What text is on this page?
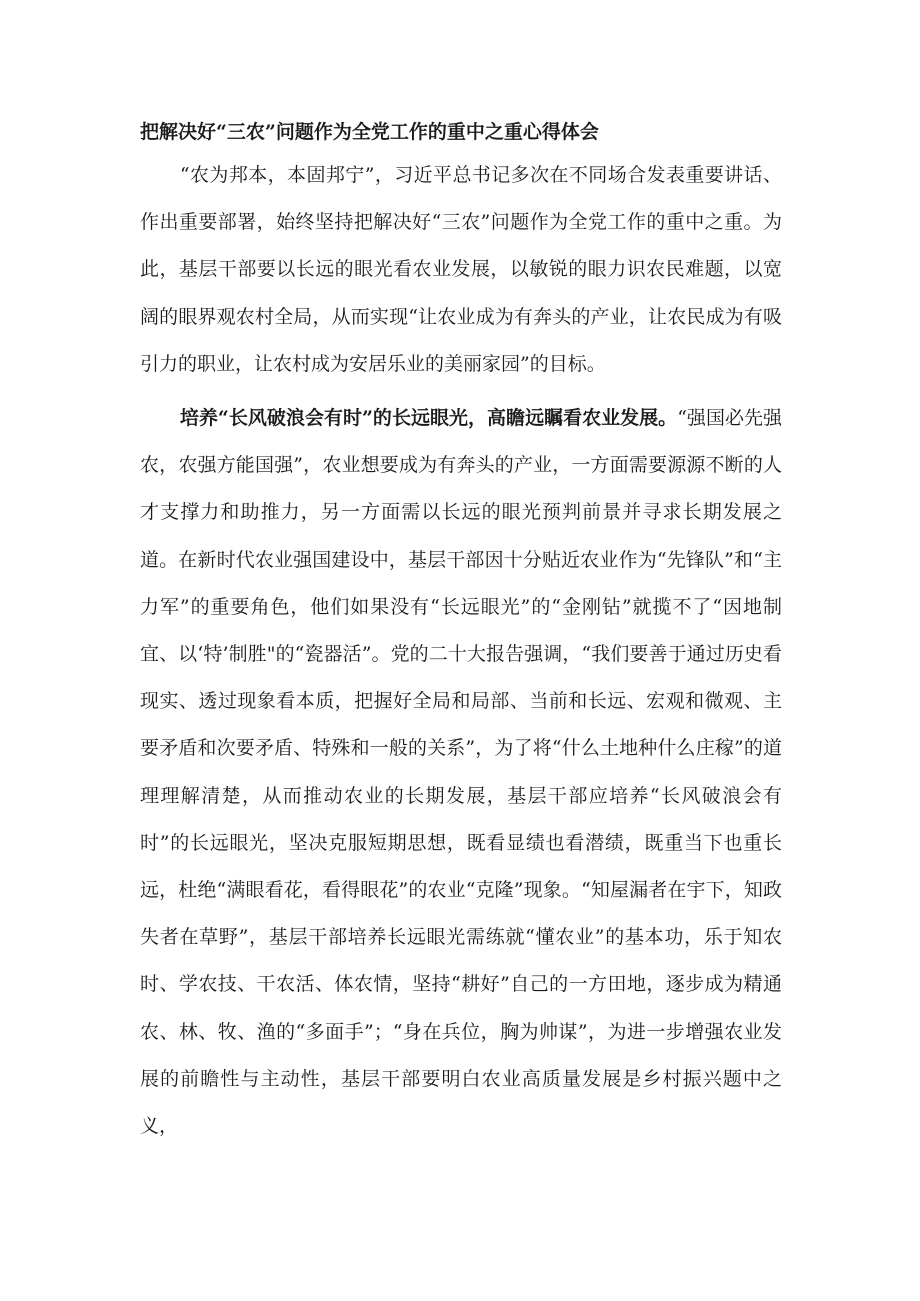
把解决好“三农”问题作为全党工作的重中之重心得体会
“农为邦本，本固邦宁”，习近平总书记多次在不同场合发表重要讲话、作出重要部署，始终坚持把解决好“三农”问题作为全党工作的重中之重。为此，基层干部要以长远的眼光看农业发展，以敏锐的眼力识农民难题，以宽阔的眼界观农村全局，从而实现“让农业成为有奔头的产业，让农民成为有吸引力的职业，让农村成为安居乐业的美丽家园”的目标。
培养“长风破浪会有时”的长远眼光，高瞻远瞩看农业发展。“强国必先强农，农强方能国强”，农业想要成为有奔头的产业，一方面需要源源不断的人才支撑力和助推力，另一方面需以长远的眼光预判前景并寻求长期发展之道。在新时代农业强国建设中，基层干部因十分贴近农业作为“先锋队”和“主力军”的重要角色，他们如果没有“长远眼光”的“金刚钻”就揽不了“因地制宜、以‘特’制胜"的“瓷器活”。党的二十大报告强调，“我们要善于通过历史看现实、透过现象看本质，把握好全局和局部、当前和长远、宏观和微观、主要矛盾和次要矛盾、特殊和一般的关系”，为了将“什么土地种什么庄稼”的道理理解清楚，从而推动农业的长期发展，基层干部应培养“长风破浪会有时”的长远眼光，坚决克服短期思想，既看显绩也看潜绩，既重当下也重长远，杜绝“满眼看花，看得眼花”的农业“克隆”现象。“知屋漏者在宇下，知政失者在草野”，基层干部培养长远眼光需练就“懂农业”的基本功，乐于知农时、学农技、干农活、体农情，坚持“耕好”自己的一方田地，逐步成为精通农、林、牧、渔的“多面手”；“身在兵位，胸为帅谋”，为进一步增强农业发展的前瞻性与主动性，基层干部要明白农业高质量发展是乡村振兴题中之义，
